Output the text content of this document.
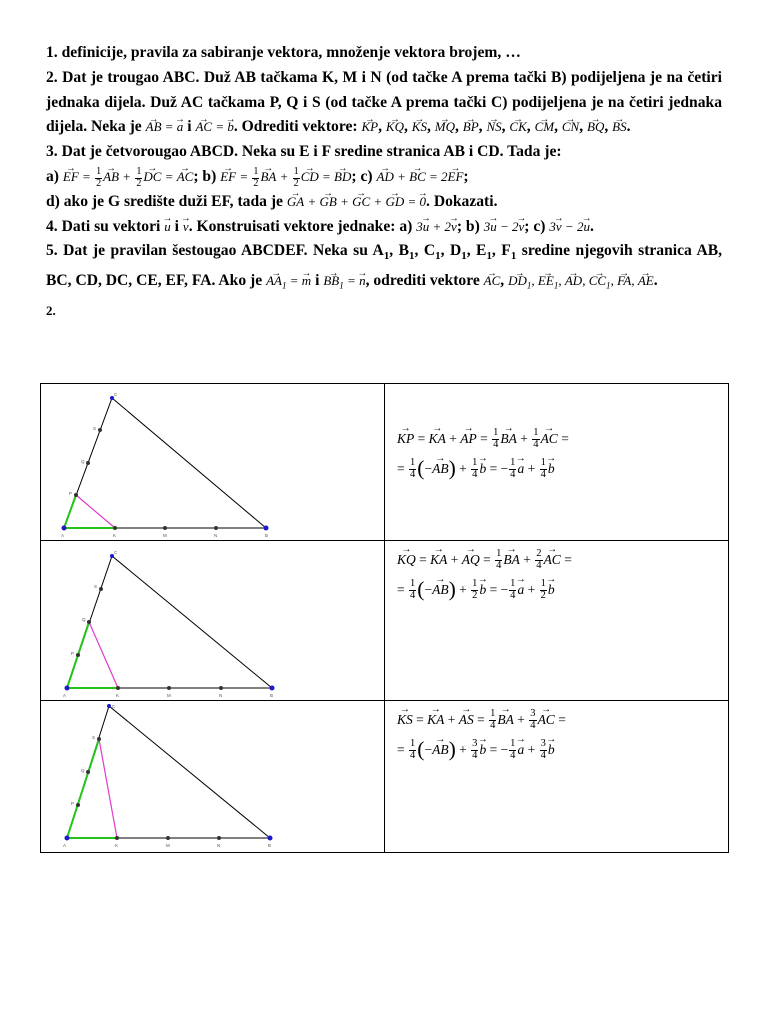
1. definicije, pravila za sabiranje vektora, množenje vektora brojem, …

2. Dat je trougao ABC. Duž AB tačkama K, M i N (od tačke A prema tački B) podijeljena je na četiri jednaka dijela. Duž AC tačkama P, Q i S (od tačke A prema tački C) podijeljena je na četiri jednaka dijela. Neka je → AB = → a i → AC = → b. Odrediti vektore: → KP, → KQ, → KS, → MQ, → BP, → NS, → CK, → CM, → CN, → BQ, → BS.

3. Dat je četvorougao ABCD. Neka su E i F sredine stranica AB i CD. Tada je:
a) → EF = $\frac{1}{2}$
→ AB + $\frac{1}{2}$
→ DC = → AC; b) → EF = $\frac{1}{2}$
→ BA + $\frac{1}{2}$
→ CD = → BD; c) → AD + → BC = 2→ EF;
d) ako je G središte duži EF, tada je → GA + → GB + → GC + → GD = → 0. Dokazati.

4. Dati su vektori → u i → v. Konstruisati vektore jednake: a) 3→ u + 2→ v; b) 3→ u − 2→ v; c) 3→ v − 2→ u.

5. Dat je pravilan šestougao ABCDEF. Neka su $A_1$, $B_1$, $C_1$, $D_1$, $E_1$, $F_1$ sredine njegovih stranica AB, BC, CD, DC, CE, EF, FA. Ako je → $AA_1$ = → m $i \to BB_1$ = → n, odrediti vektore → AC, → $DD_1$, → $EE_1$, → AD, → $CC_1$, → FA, → AE.

2.

A	K	M	N	B
C
P
Q
S
→ KP =
→ KA +
→ AP = $\frac{1}{4}$
→ BA + $\frac{1}{4}$
→ AC =
= $\frac{1}{4}$ ( −
→ AB ) + $\frac{1}{4}$
→ b = − $\frac{1}{4}$
→ $a + \frac{1}{4}$
→ b
A	K	M	N	B
C
P
Q
S
→ KQ =
→ KA +
→ AQ = $\frac{1}{4}$
→ BA + $\frac{2}{4}$
→ AC =
= $\frac{1}{4}$ ( −
→ AB ) + $\frac{1}{2}$
→ b = − $\frac{1}{4}$
→ $a + \frac{1}{2}$
→ b
A	K	M	N	B
C
P
Q
S
→ KS =
→ KA +
→ AS = $\frac{1}{4}$
→ BA + $\frac{3}{4}$
→ AC =
= $\frac{1}{4}$ ( −
→ AB ) + $\frac{3}{4}$
→ b = − $\frac{1}{4}$
→ $a + \frac{3}{4}$
→ b
